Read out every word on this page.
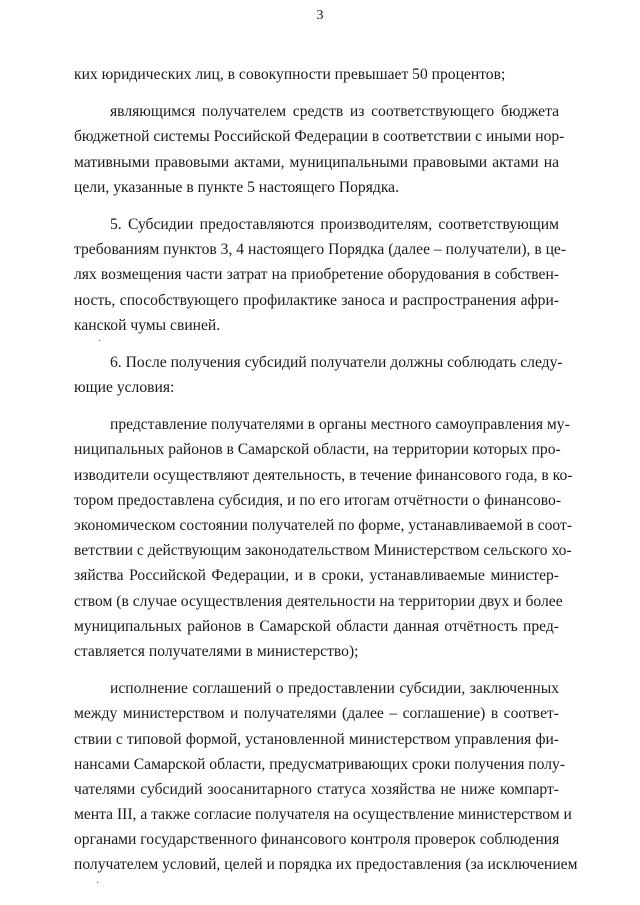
3

ких юридических лиц, в совокупности превышает 50 процентов;

являющимся получателем средств из соответствующего бюджета
бюджетной системы Российской Федерации в соответствии с иными нор-
мативными правовыми актами, муниципальными правовыми актами на
цели, указанные в пункте 5 настоящего Порядка.

5. Субсидии предоставляются производителям, соответствующим
требованиям пунктов 3, 4 настоящего Порядка (далее – получатели), в це-
лях возмещения части затрат на приобретение оборудования в собствен-
ность, способствующего профилактике заноса и распространения афри-
канской чумы свиней.

6. После получения субсидий получатели должны соблюдать следу-
ющие условия:

представление получателями в органы местного самоуправления му-
ниципальных районов в Самарской области, на территории которых про-
изводители осуществляют деятельность, в течение финансового года, в ко-
тором предоставлена субсидия, и по его итогам отчётности о финансово-
экономическом состоянии получателей по форме, устанавливаемой в соот-
ветствии с действующим законодательством Министерством сельского хо-
зяйства Российской Федерации, и в сроки, устанавливаемые министер-
ством (в случае осуществления деятельности на территории двух и более
муниципальных районов в Самарской области данная отчётность пред-
ставляется получателями в министерство);

исполнение соглашений о предоставлении субсидии, заключенных
между министерством и получателями (далее – соглашение) в соответ-
ствии с типовой формой, установленной министерством управления фи-
нансами Самарской области, предусматривающих сроки получения полу-
чателями субсидий зоосанитарного статуса хозяйства не ниже компарт-
мента III, а также согласие получателя на осуществление министерством и
органами государственного финансового контроля проверок соблюдения
получателем условий, целей и порядка их предоставления (за исключением

·
·
